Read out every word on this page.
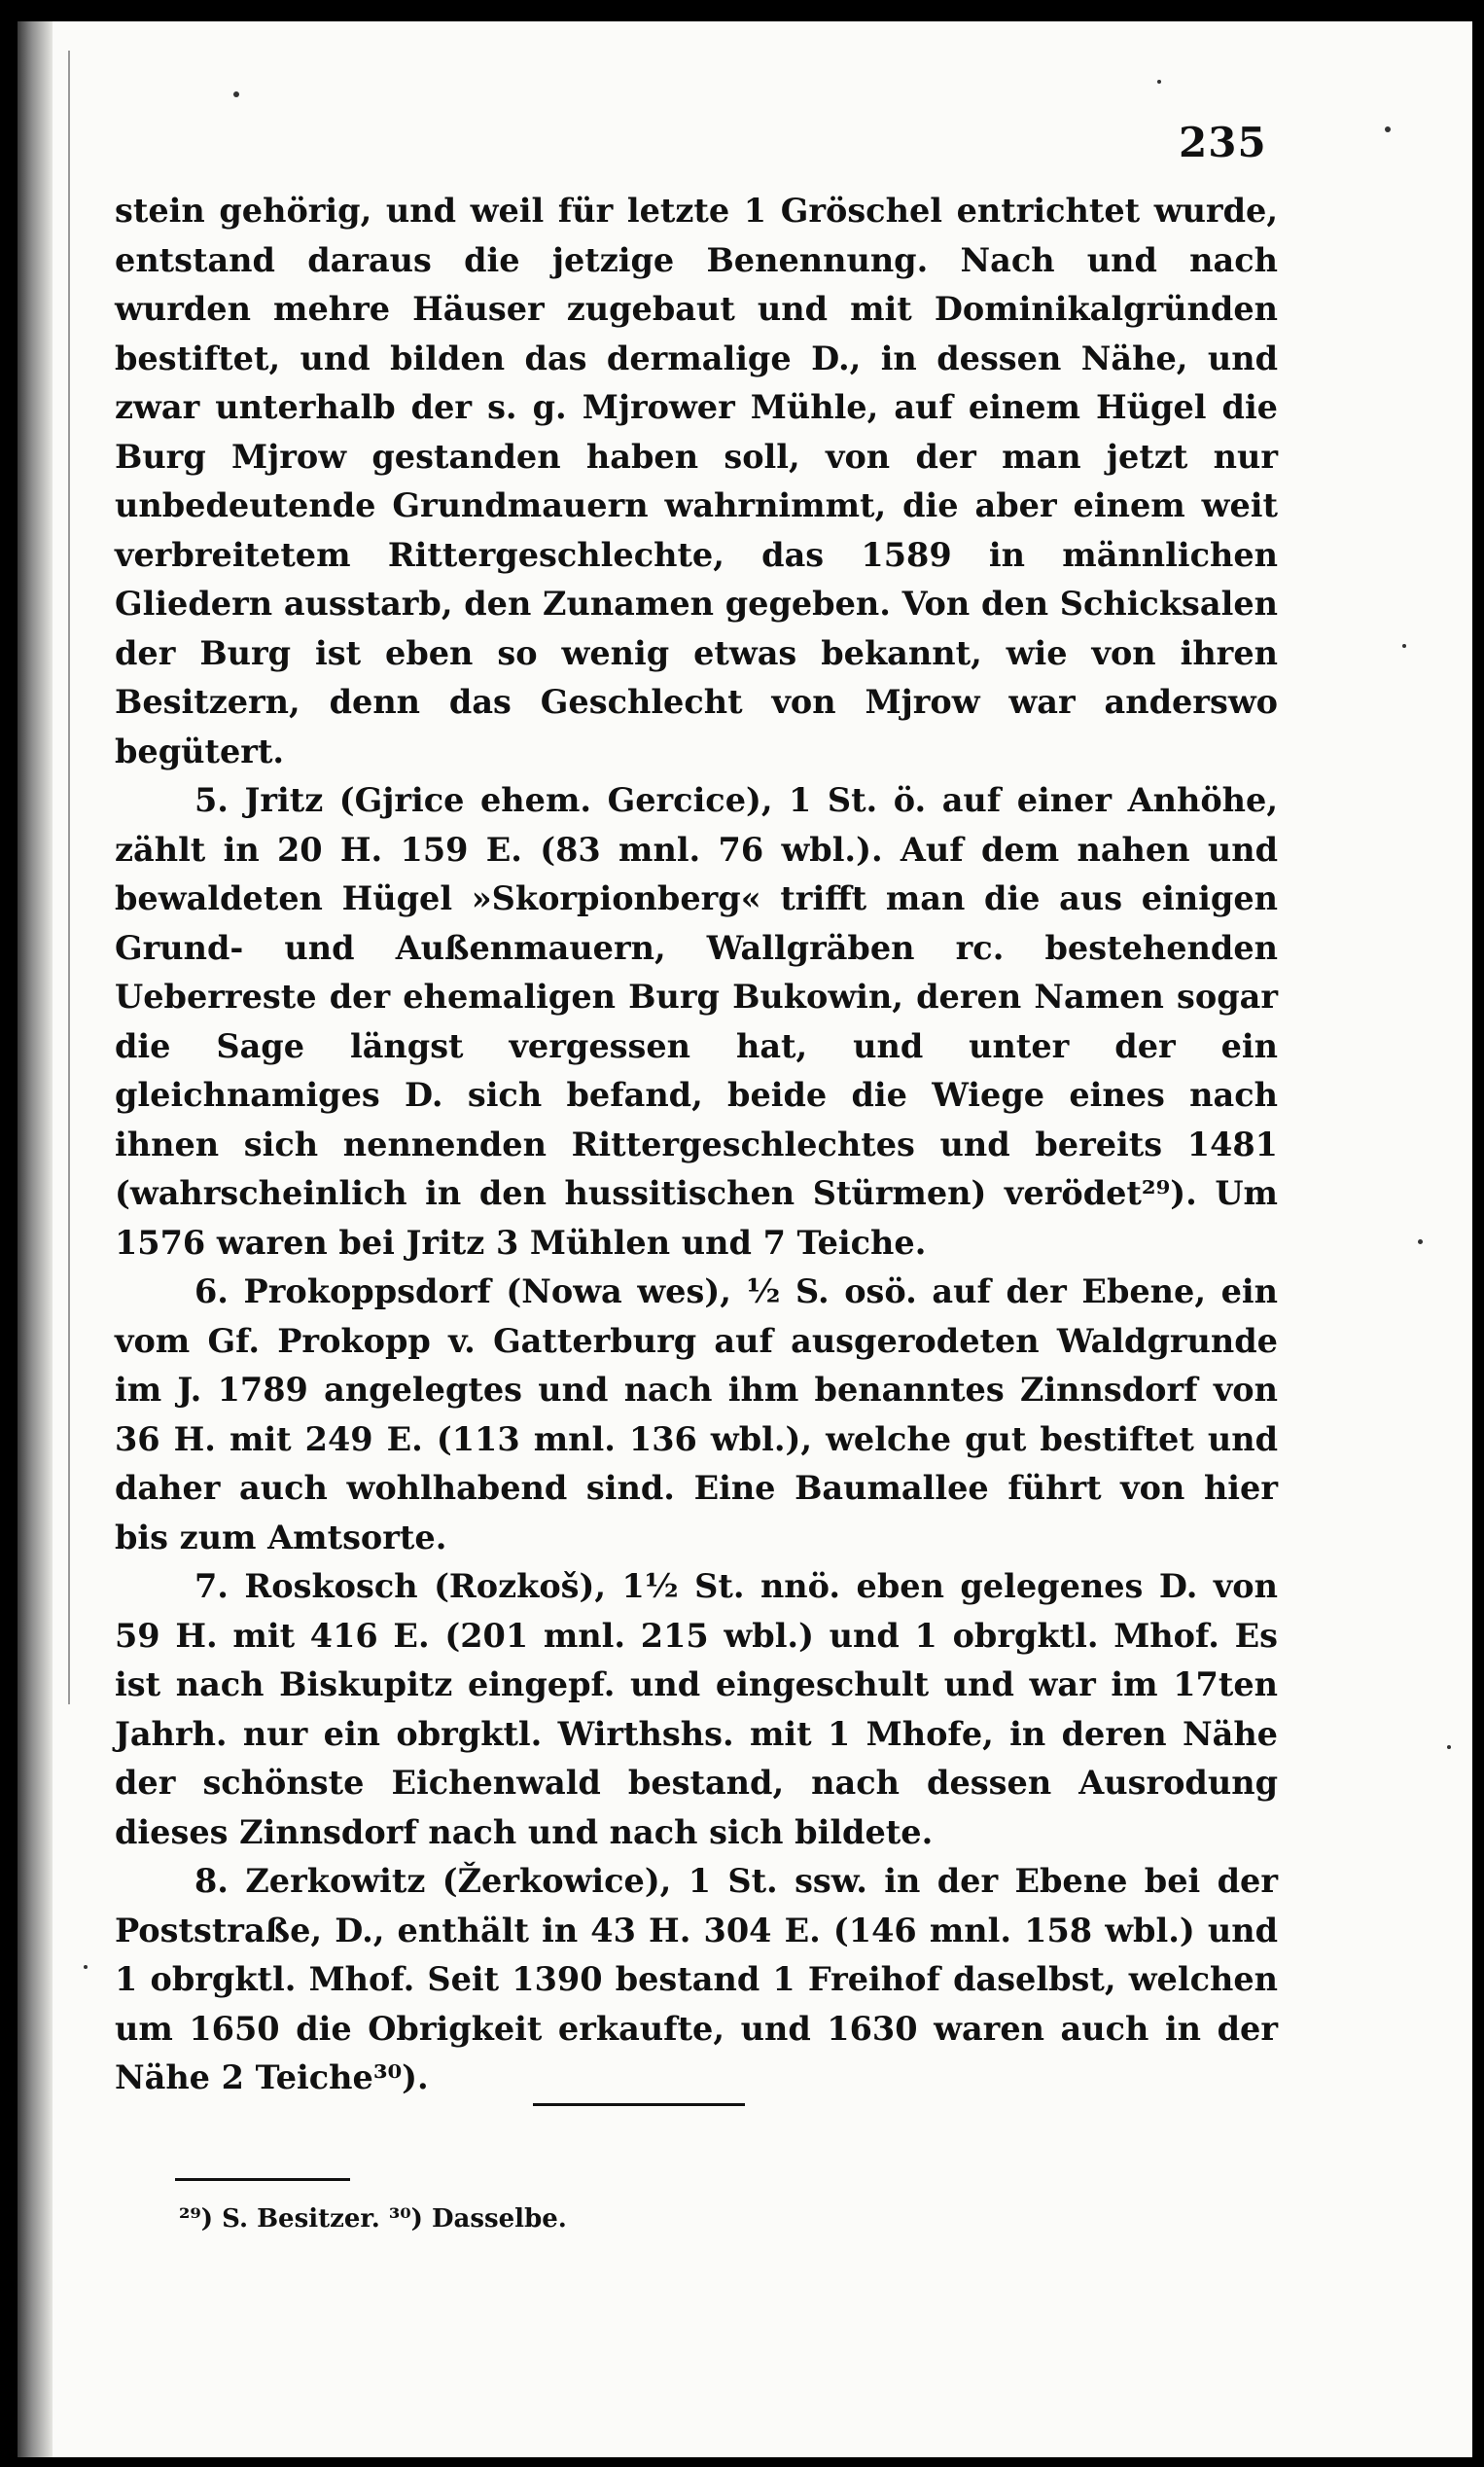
235

stein gehörig, und weil für letzte 1 Gröschel entrichtet wurde, entstand daraus die jetzige Benennung. Nach und nach wurden mehre Häuser zugebaut und mit Dominikalgründen bestiftet, und bilden das dermalige D., in dessen Nähe, und zwar unterhalb der s. g. Mjrower Mühle, auf einem Hügel die Burg Mjrow gestanden haben soll, von der man jetzt nur unbedeutende Grundmauern wahrnimmt, die aber einem weit verbreitetem Rittergeschlechte, das 1589 in männlichen Gliedern ausstarb, den Zunamen gegeben. Von den Schicksalen der Burg ist eben so wenig etwas bekannt, wie von ihren Besitzern, denn das Geschlecht von Mjrow war anderswo begütert.

5. Jritz (Gjrice ehem. Gercice), 1 St. ö. auf einer Anhöhe, zählt in 20 H. 159 E. (83 mnl. 76 wbl.). Auf dem nahen und bewaldeten Hügel »Skorpionberg« trifft man die aus einigen Grund- und Außenmauern, Wallgräben rc. bestehenden Ueberreste der ehemaligen Burg Bukowin, deren Namen sogar die Sage längst vergessen hat, und unter der ein gleichnamiges D. sich befand, beide die Wiege eines nach ihnen sich nennenden Rittergeschlechtes und bereits 1481 (wahrscheinlich in den hussitischen Stürmen) verödet²⁹). Um 1576 waren bei Jritz 3 Mühlen und 7 Teiche.

6. Prokoppsdorf (Nowa wes), ½ S. osö. auf der Ebene, ein vom Gf. Prokopp v. Gatterburg auf ausgerodeten Waldgrunde im J. 1789 angelegtes und nach ihm benanntes Zinnsdorf von 36 H. mit 249 E. (113 mnl. 136 wbl.), welche gut bestiftet und daher auch wohlhabend sind. Eine Baumallee führt von hier bis zum Amtsorte.

7. Roskosch (Rozkoš), 1½ St. nnö. eben gelegenes D. von 59 H. mit 416 E. (201 mnl. 215 wbl.) und 1 obrgktl. Mhof. Es ist nach Biskupitz eingepf. und eingeschult und war im 17ten Jahrh. nur ein obrgktl. Wirthshs. mit 1 Mhofe, in deren Nähe der schönste Eichenwald bestand, nach dessen Ausrodung dieses Zinnsdorf nach und nach sich bildete.

8. Zerkowitz (Žerkowice), 1 St. ssw. in der Ebene bei der Poststraße, D., enthält in 43 H. 304 E. (146 mnl. 158 wbl.) und 1 obrgktl. Mhof. Seit 1390 bestand 1 Freihof daselbst, welchen um 1650 die Obrigkeit erkaufte, und 1630 waren auch in der Nähe 2 Teiche³⁰).

²⁹) S. Besitzer. ³⁰) Dasselbe.
